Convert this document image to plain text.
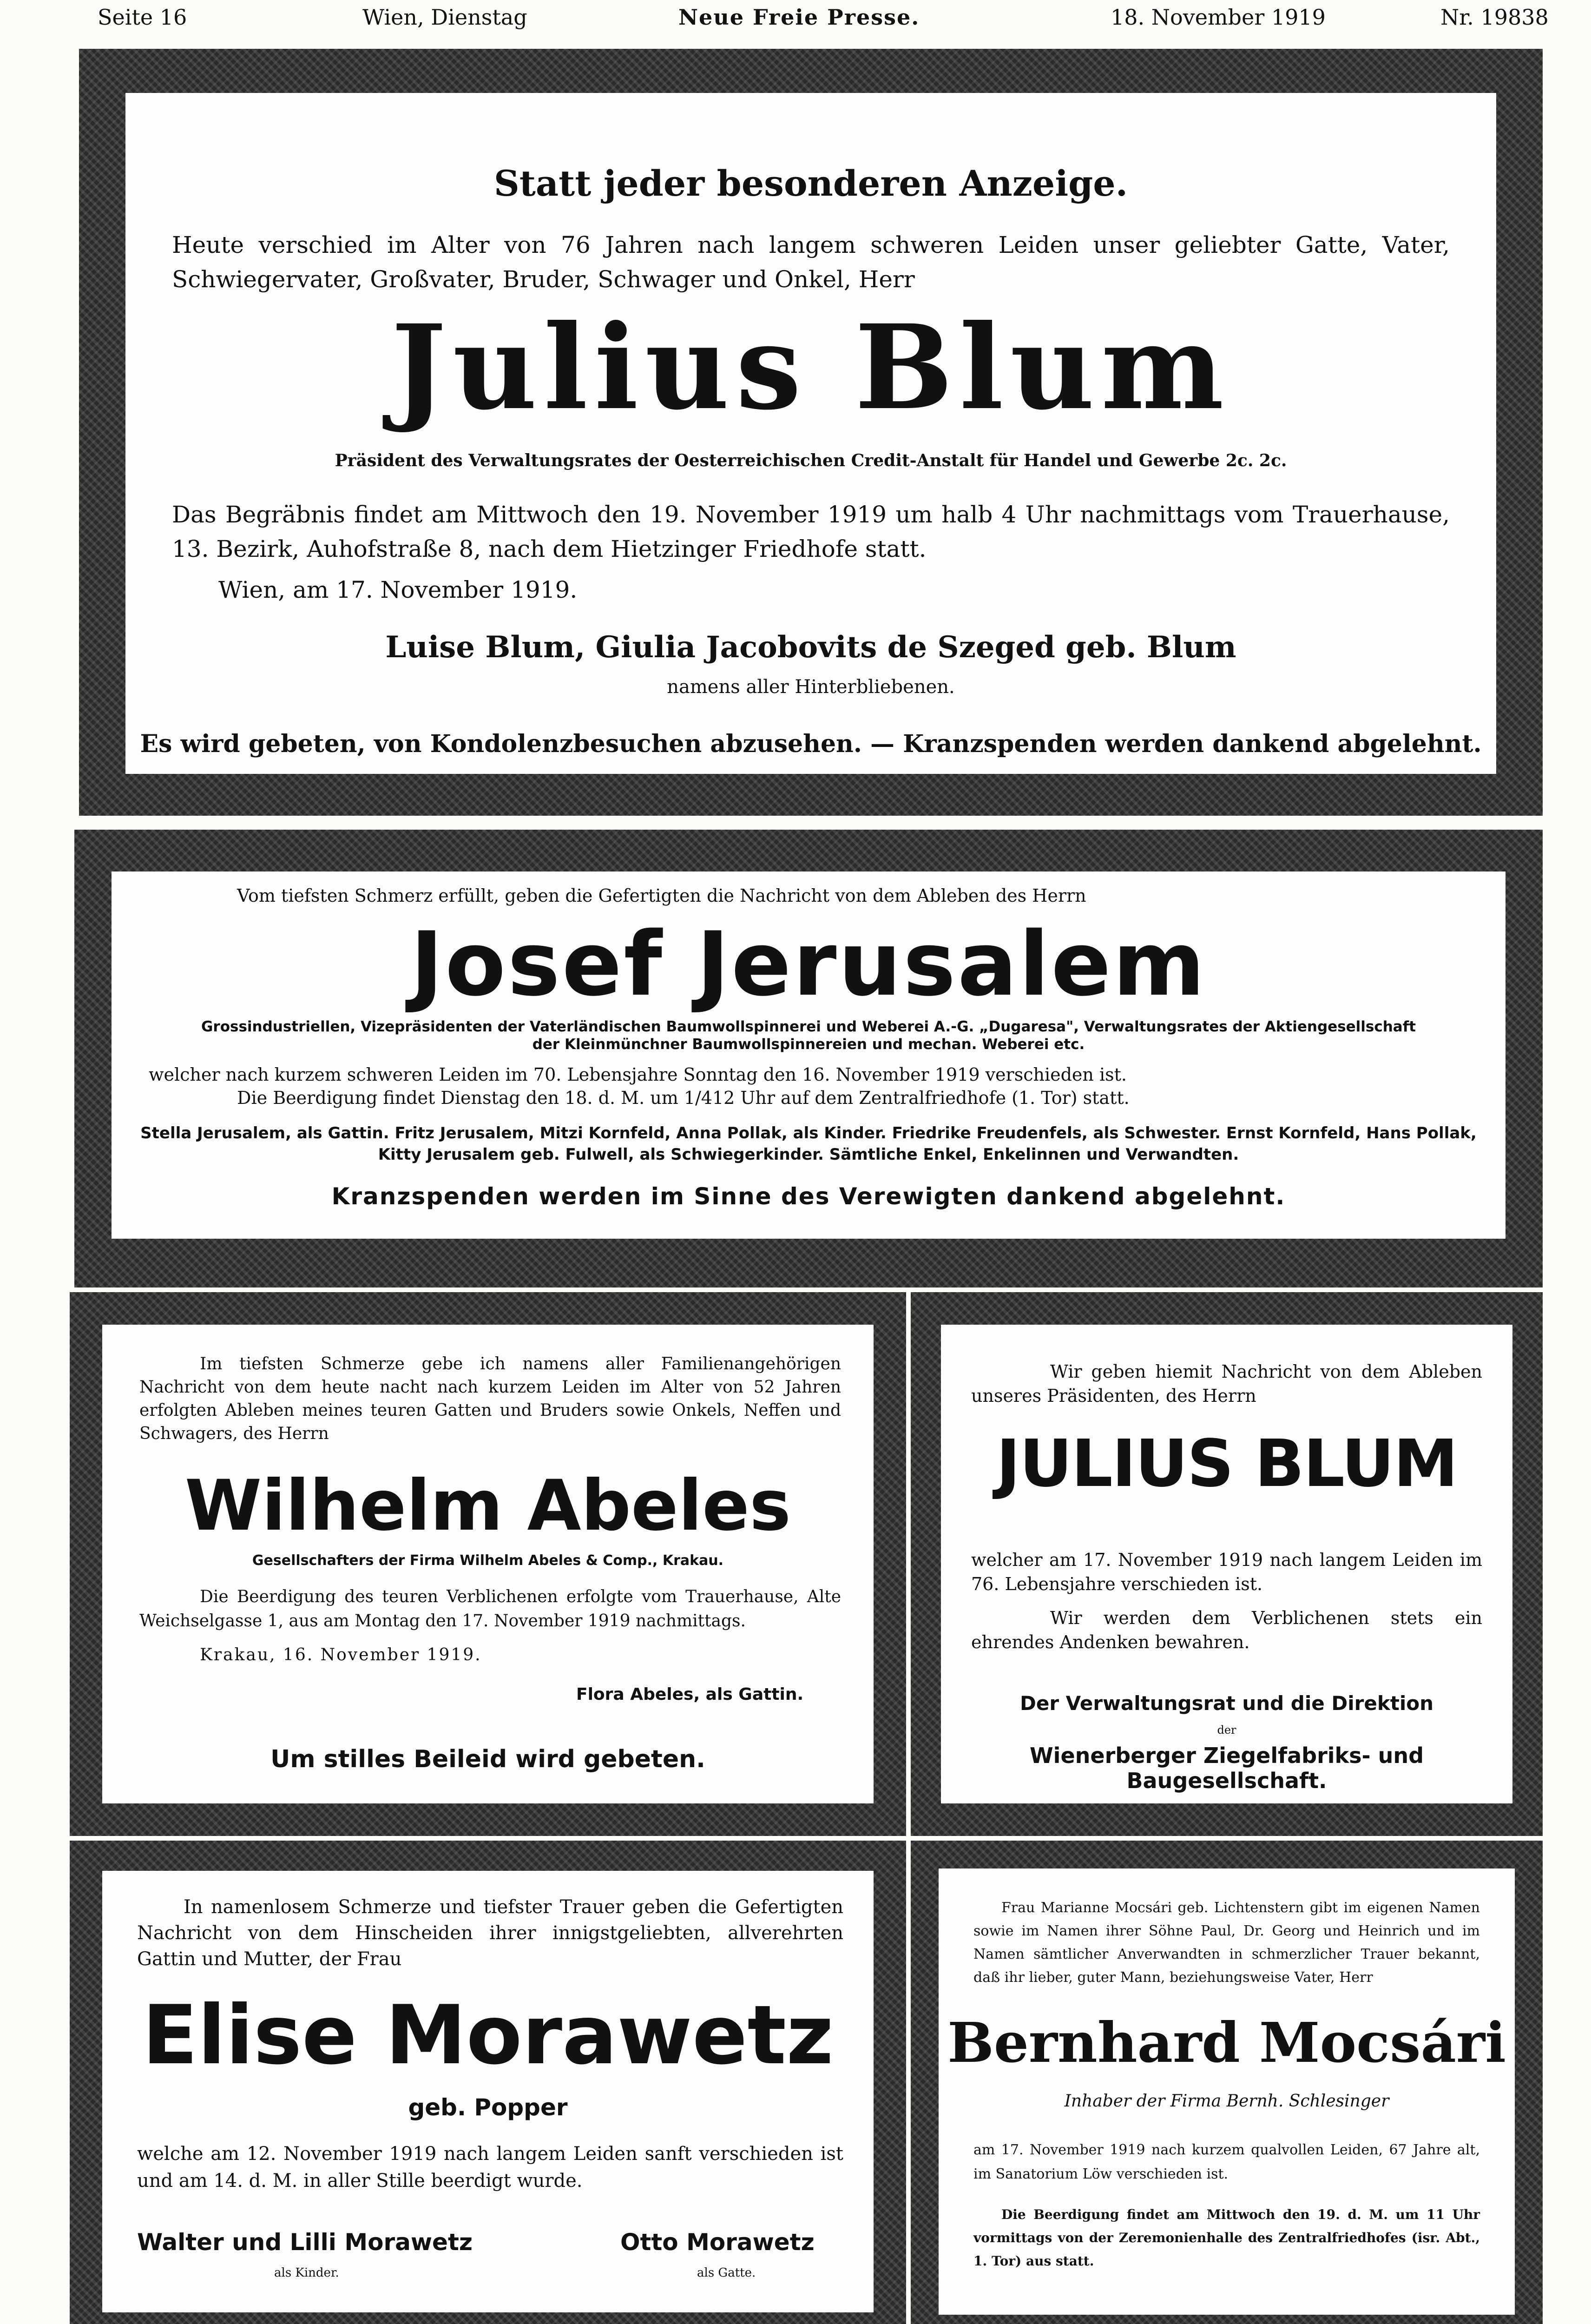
Seite 16	Wien, Dienstag	Neue Freie Presse.	18. November 1919	Nr. 19838
Statt jeder besonderen Anzeige.

Heute verschied im Alter von 76 Jahren nach langem schweren Leiden unser geliebter Gatte, Vater, Schwiegervater, Großvater, Bruder, Schwager und Onkel, Herr

Julius Blum
Präsident des Verwaltungsrates der Oesterreichischen Credit-Anstalt für Handel und Gewerbe 2c. 2c.

Das Begräbnis findet am Mittwoch den 19. November 1919 um halb 4 Uhr nachmittags vom Trauerhause, 13. Bezirk, Auhofstraße 8, nach dem Hietzinger Friedhofe statt.

Wien, am 17. November 1919.

Luise Blum, Giulia Jacobovits de Szeged geb. Blum
namens aller Hinterbliebenen.
Es wird gebeten, von Kondolenzbesuchen abzusehen. — Kranzspenden werden dankend abgelehnt.

Vom tiefsten Schmerz erfüllt, geben die Gefertigten die Nachricht von dem Ableben des Herrn

Josef Jerusalem

Grossindustriellen, Vizepräsidenten der Vaterländischen Baumwollspinnerei und Weberei A.-G. „Dugaresa", Verwaltungsrates der Aktiengesellschaft der Kleinmünchner Baumwollspinnereien und mechan. Weberei etc.

welcher nach kurzem schweren Leiden im 70. Lebensjahre Sonntag den 16. November 1919 verschieden ist.

Die Beerdigung findet Dienstag den 18. d. M. um 1/412 Uhr auf dem Zentralfriedhofe (1. Tor) statt.

Stella Jerusalem, als Gattin. Fritz Jerusalem, Mitzi Kornfeld, Anna Pollak, als Kinder. Friedrike Freudenfels, als Schwester. Ernst Kornfeld, Hans Pollak, Kitty Jerusalem geb. Fulwell, als Schwiegerkinder. Sämtliche Enkel, Enkelinnen und Verwandten.

Kranzspenden werden im Sinne des Verewigten dankend abgelehnt.

Im tiefsten Schmerze gebe ich namens aller Familienangehörigen Nachricht von dem heute nacht nach kurzem Leiden im Alter von 52 Jahren erfolgten Ableben meines teuren Gatten und Bruders sowie Onkels, Neffen und Schwagers, des Herrn

Wilhelm Abeles
Gesellschafters der Firma Wilhelm Abeles & Comp., Krakau.

Die Beerdigung des teuren Verblichenen erfolgte vom Trauerhause, Alte Weichselgasse 1, aus am Montag den 17. November 1919 nachmittags.

Krakau, 16. November 1919.

Flora Abeles, als Gattin.

Um stilles Beileid wird gebeten.

Wir geben hiemit Nachricht von dem Ableben unseres Präsidenten, des Herrn

JULIUS BLUM

welcher am 17. November 1919 nach langem Leiden im 76. Lebensjahre verschieden ist.

Wir werden dem Verblichenen stets ein ehrendes Andenken bewahren.

Der Verwaltungsrat und die Direktion
der
Wienerberger Ziegelfabriks- und Baugesellschaft.

In namenlosem Schmerze und tiefster Trauer geben die Gefertigten Nachricht von dem Hinscheiden ihrer innigstgeliebten, allverehrten Gattin und Mutter, der Frau

Elise Morawetz
geb. Popper

welche am 12. November 1919 nach langem Leiden sanft verschieden ist und am 14. d. M. in aller Stille beerdigt wurde.

Walter und Lilli Morawetz

als Kinder.

Otto Morawetz

als Gatte.

Frau Marianne Mocsári geb. Lichtenstern gibt im eigenen Namen sowie im Namen ihrer Söhne Paul, Dr. Georg und Heinrich und im Namen sämtlicher Anverwandten in schmerzlicher Trauer bekannt, daß ihr lieber, guter Mann, beziehungsweise Vater, Herr

Bernhard Mocsári
Inhaber der Firma Bernh. Schlesinger

am 17. November 1919 nach kurzem qualvollen Leiden, 67 Jahre alt, im Sanatorium Löw verschieden ist.

Die Beerdigung findet am Mittwoch den 19. d. M. um 11 Uhr vormittags von der Zeremonienhalle des Zentralfriedhofes (isr. Abt., 1. Tor) aus statt.
